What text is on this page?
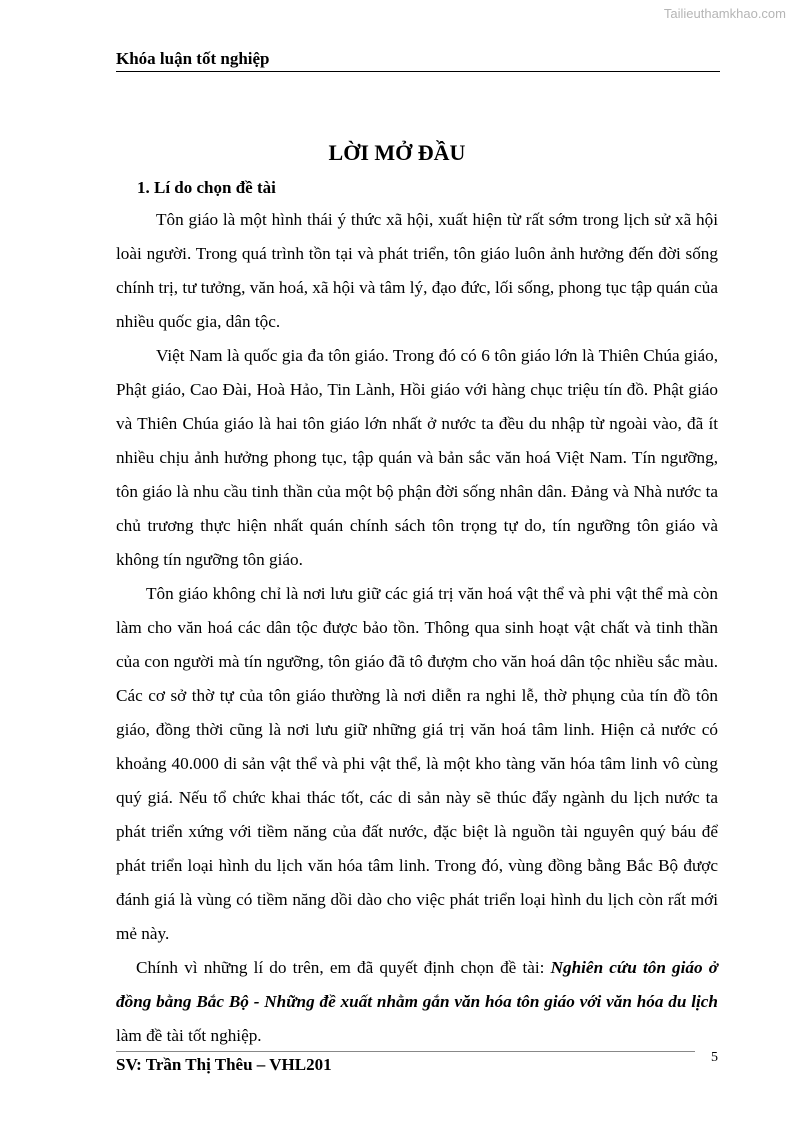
Tailieuthamkhao.com
Khóa luận tốt nghiệp
LỜI MỞ ĐẦU
1. Lí do chọn đề tài

Tôn giáo là một hình thái ý thức xã hội, xuất hiện từ rất sớm trong lịch sử xã hội loài người. Trong quá trình tồn tại và phát triển, tôn giáo luôn ảnh hưởng đến đời sống chính trị, tư tưởng, văn hoá, xã hội và tâm lý, đạo đức, lối sống, phong tục tập quán của nhiều quốc gia, dân tộc.

Việt Nam là quốc gia đa tôn giáo. Trong đó có 6 tôn giáo lớn là Thiên Chúa giáo, Phật giáo, Cao Đài, Hoà Hảo, Tin Lành, Hồi giáo với hàng chục triệu tín đồ. Phật giáo và Thiên Chúa giáo là hai tôn giáo lớn nhất ở nước ta đều du nhập từ ngoài vào, đã ít nhiều chịu ảnh hưởng phong tục, tập quán và bản sắc văn hoá Việt Nam. Tín ngưỡng, tôn giáo là nhu cầu tinh thần của một bộ phận đời sống nhân dân. Đảng và Nhà nước ta chủ trương thực hiện nhất quán chính sách tôn trọng tự do, tín ngưỡng tôn giáo và không tín ngưỡng tôn giáo.

Tôn giáo không chỉ là nơi lưu giữ các giá trị văn hoá vật thể và phi vật thể mà còn làm cho văn hoá các dân tộc được bảo tồn. Thông qua sinh hoạt vật chất và tinh thần của con người mà tín ngưỡng, tôn giáo đã tô đượm cho văn hoá dân tộc nhiều sắc màu. Các cơ sở thờ tự của tôn giáo thường là nơi diễn ra nghi lễ, thờ phụng của tín đồ tôn giáo, đồng thời cũng là nơi lưu giữ những giá trị văn hoá tâm linh. Hiện cả nước có khoảng 40.000 di sản vật thể và phi vật thể, là một kho tàng văn hóa tâm linh vô cùng quý giá. Nếu tổ chức khai thác tốt, các di sản này sẽ thúc đẩy ngành du lịch nước ta phát triển xứng với tiềm năng của đất nước, đặc biệt là nguồn tài nguyên quý báu để phát triển loại hình du lịch văn hóa tâm linh. Trong đó, vùng đồng bằng Bắc Bộ được đánh giá là vùng có tiềm năng dồi dào cho việc phát triển loại hình du lịch còn rất mới mẻ này.

Chính vì những lí do trên, em đã quyết định chọn đề tài: Nghiên cứu tôn giáo ở đồng bằng Bắc Bộ - Những đề xuất nhằm gắn văn hóa tôn giáo với văn hóa du lịch làm đề tài tốt nghiệp.

SV: Trần Thị Thêu – VHL201	5
